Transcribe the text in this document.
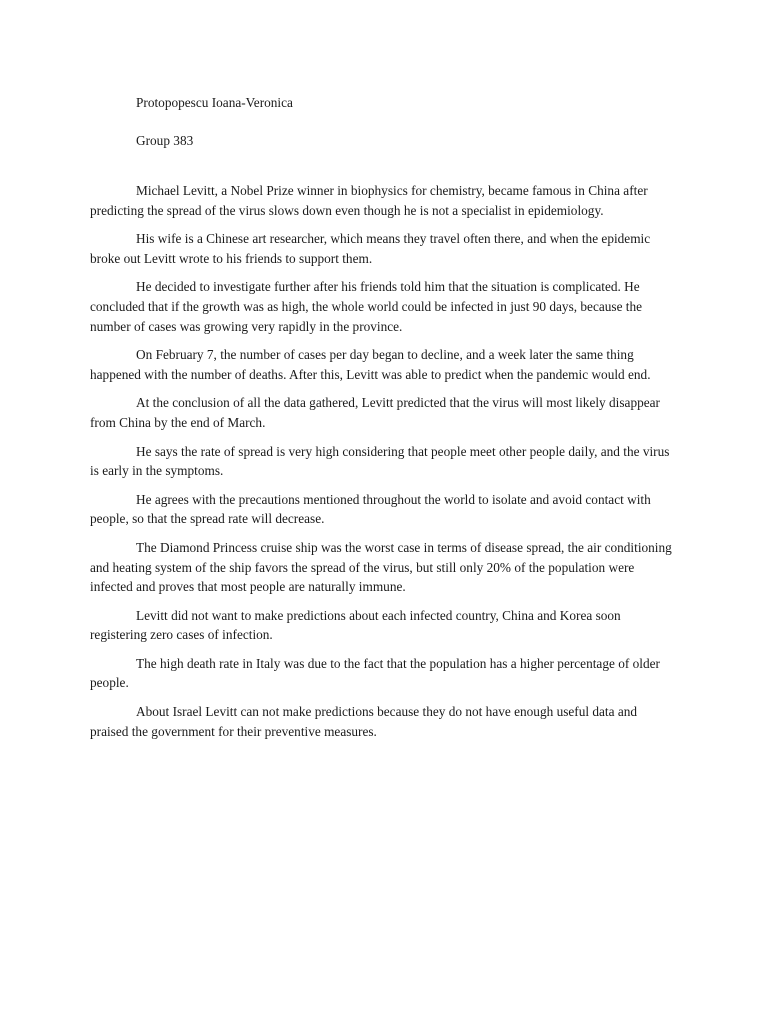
Protopopescu Ioana-Veronica
Group 383

Michael Levitt, a Nobel Prize winner in biophysics for chemistry, became famous in China after predicting the spread of the virus slows down even though he is not a specialist in epidemiology.

His wife is a Chinese art researcher, which means they travel often there, and when the epidemic broke out Levitt wrote to his friends to support them.

He decided to investigate further after his friends told him that the situation is complicated. He concluded that if the growth was as high, the whole world could be infected in just 90 days, because the number of cases was growing very rapidly in the province.

On February 7, the number of cases per day began to decline, and a week later the same thing happened with the number of deaths. After this, Levitt was able to predict when the pandemic would end.

At the conclusion of all the data gathered, Levitt predicted that the virus will most likely disappear from China by the end of March.

He says the rate of spread is very high considering that people meet other people daily, and the virus is early in the symptoms.

He agrees with the precautions mentioned throughout the world to isolate and avoid contact with people, so that the spread rate will decrease.

The Diamond Princess cruise ship was the worst case in terms of disease spread, the air conditioning and heating system of the ship favors the spread of the virus, but still only 20% of the population were infected and proves that most people are naturally immune.

Levitt did not want to make predictions about each infected country, China and Korea soon registering zero cases of infection.

The high death rate in Italy was due to the fact that the population has a higher percentage of older people.

About Israel Levitt can not make predictions because they do not have enough useful data and praised the government for their preventive measures.
